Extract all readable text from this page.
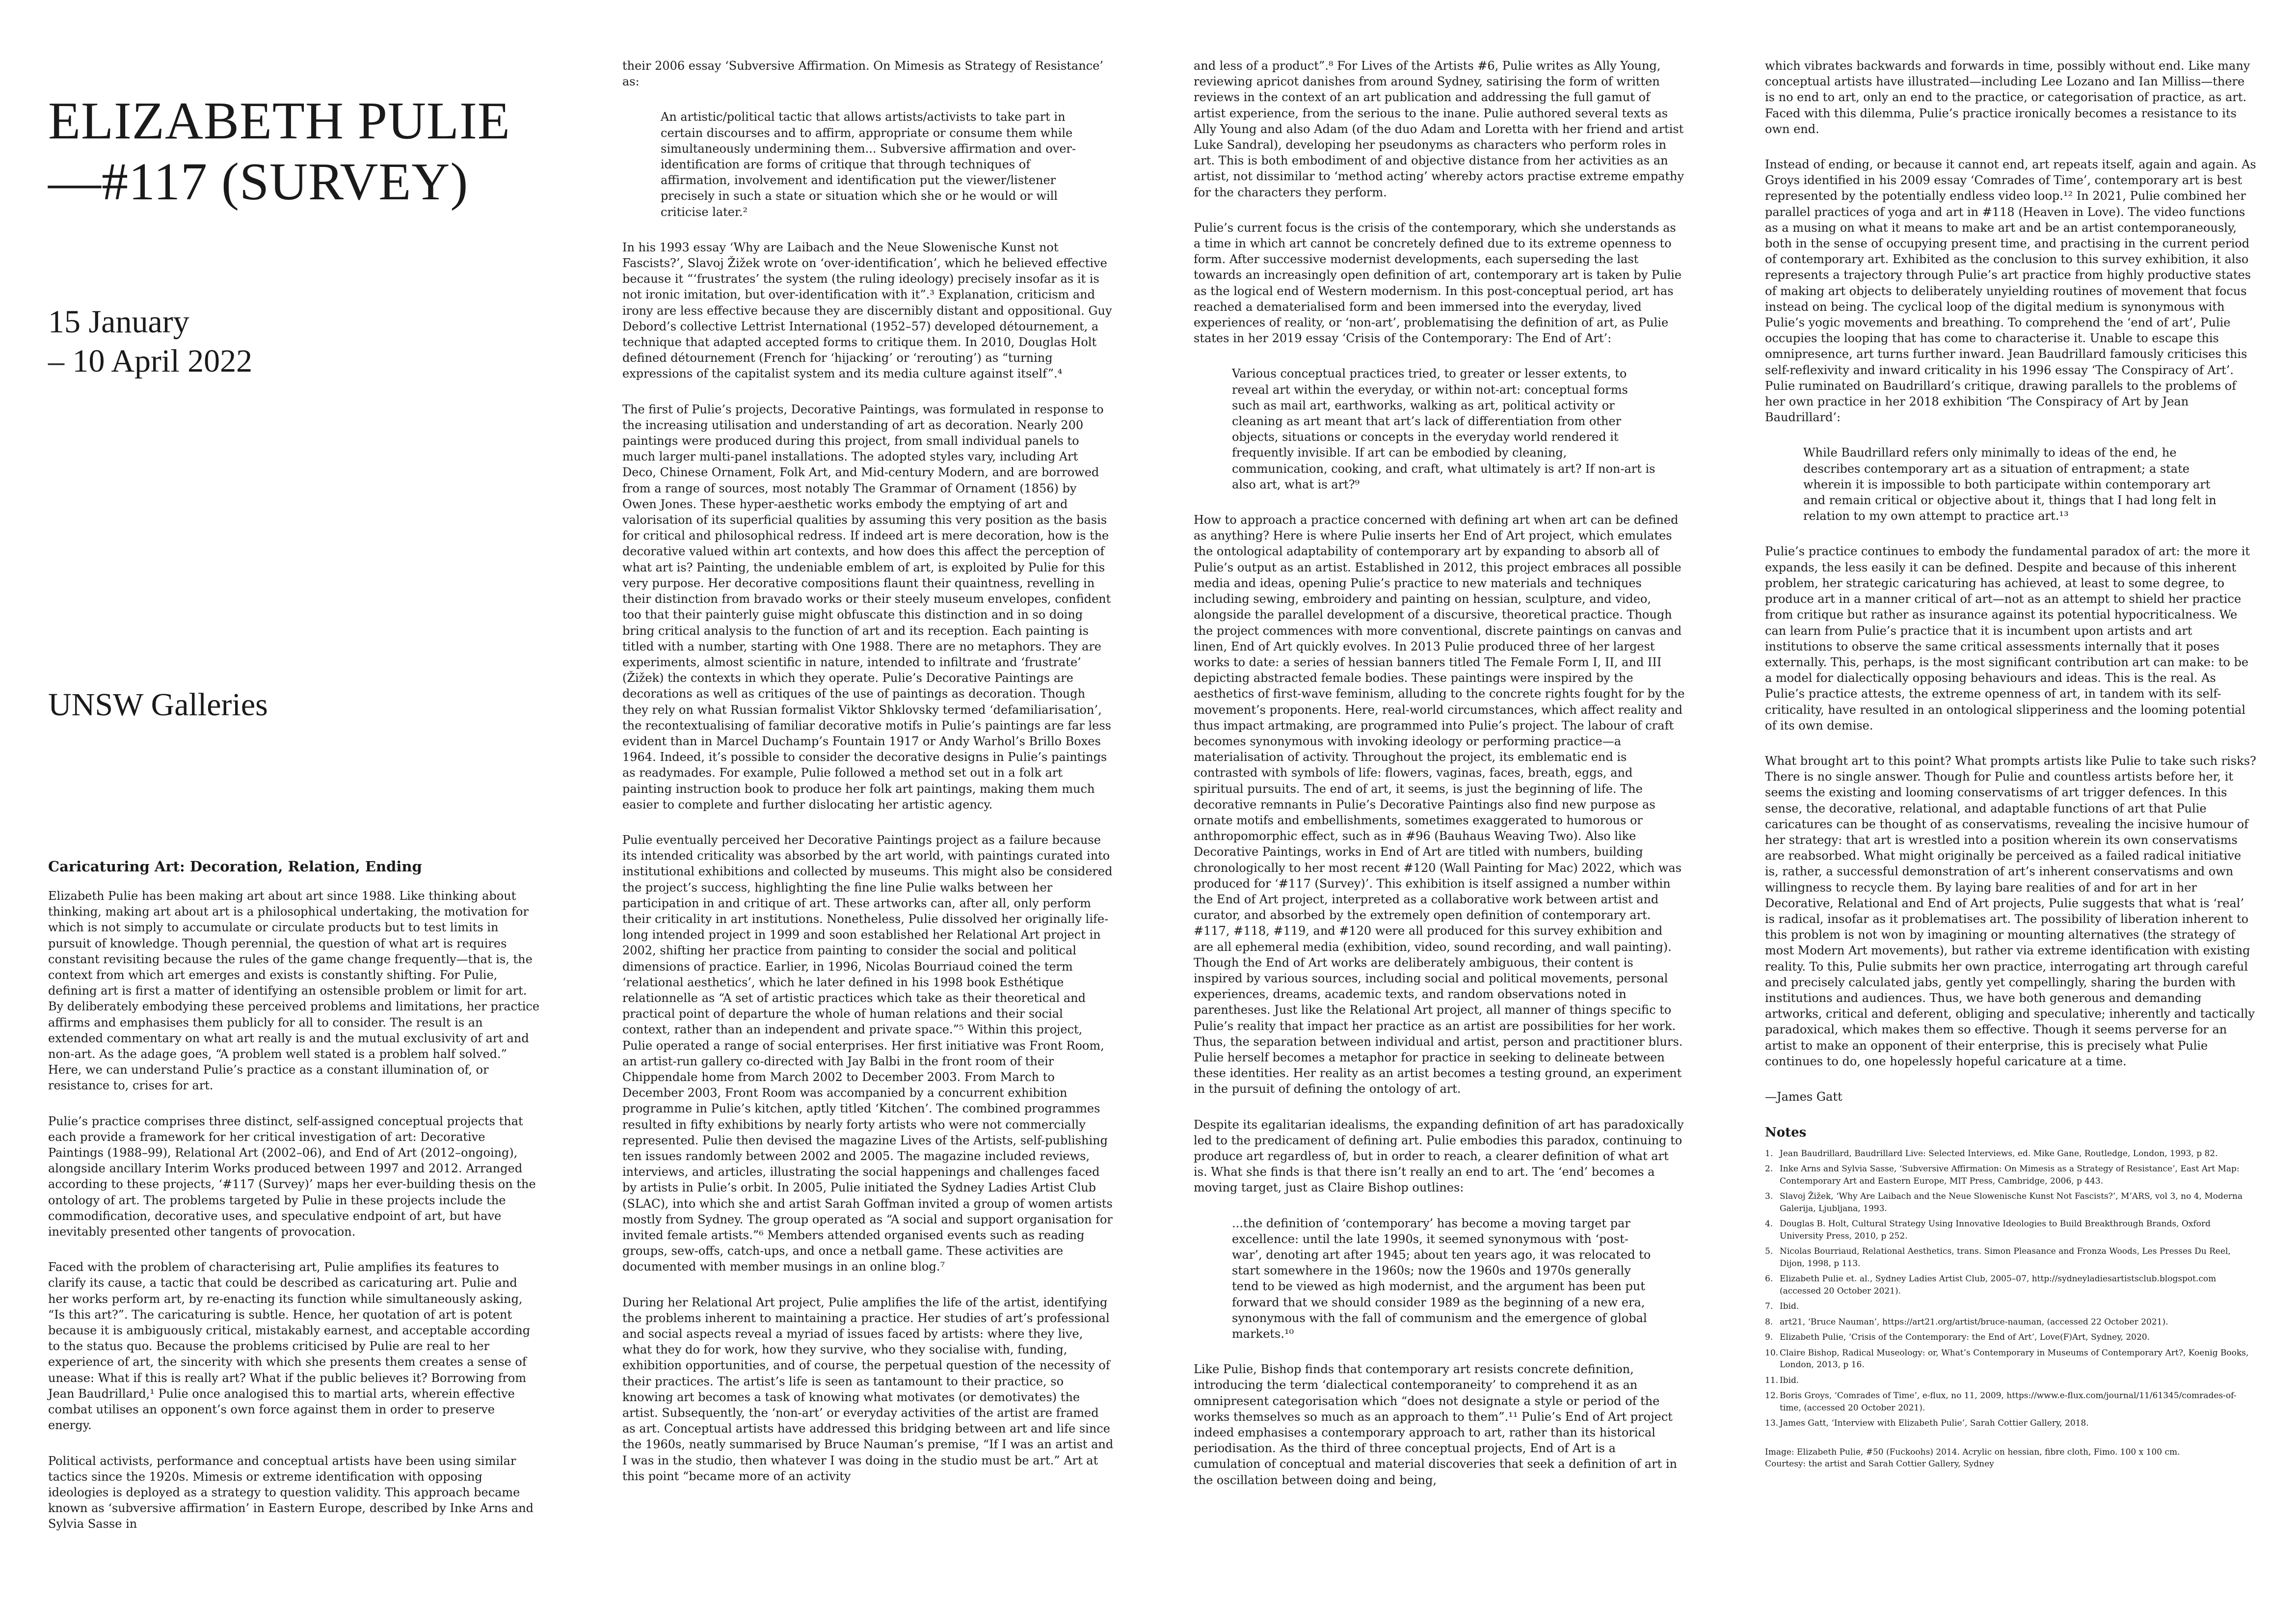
ELIZABETH PULIE
—#117 (SURVEY)
15 January
– 10 April 2022
UNSW Galleries
Caricaturing Art: Decoration, Relation, Ending

Elizabeth Pulie has been making art about art since 1988. Like thinking about thinking, making art about art is a philosophical undertaking, the motivation for which is not simply to accumulate or circulate products but to test limits in pursuit of knowledge. Though perennial, the question of what art is requires constant revisiting because the rules of the game change frequently—that is, the context from which art emerges and exists is constantly shifting. For Pulie, defining art is first a matter of identifying an ostensible problem or limit for art. By deliberately embodying these perceived problems and limitations, her practice affirms and emphasises them publicly for all to consider. The result is an extended commentary on what art really is and the mutual exclusivity of art and non-art. As the adage goes, “A problem well stated is a problem half solved.” Here, we can understand Pulie’s practice as a constant illumination of, or resistance to, crises for art.

Pulie’s practice comprises three distinct, self-assigned conceptual projects that each provide a framework for her critical investigation of art: Decorative Paintings (1988–99), Relational Art (2002–06), and End of Art (2012–ongoing), alongside ancillary Interim Works produced between 1997 and 2012. Arranged according to these projects, ‘#117 (Survey)’ maps her ever-building thesis on the ontology of art. The problems targeted by Pulie in these projects include the commodification, decorative uses, and speculative endpoint of art, but have inevitably presented other tangents of provocation.

Faced with the problem of characterising art, Pulie amplifies its features to clarify its cause, a tactic that could be described as caricaturing art. Pulie and her works perform art, by re-enacting its function while simultaneously asking, “Is this art?”. The caricaturing is subtle. Hence, her quotation of art is potent because it is ambiguously critical, mistakably earnest, and acceptable according to the status quo. Because the problems criticised by Pulie are real to her experience of art, the sincerity with which she presents them creates a sense of unease: What if this is really art? What if the public believes it? Borrowing from Jean Baudrillard,¹ Pulie once analogised this to martial arts, wherein effective combat utilises an opponent’s own force against them in order to preserve energy.

Political activists, performance and conceptual artists have been using similar tactics since the 1920s. Mimesis or extreme identification with opposing ideologies is deployed as a strategy to question validity. This approach became known as ‘subversive affirmation’ in Eastern Europe, described by Inke Arns and Sylvia Sasse in

their 2006 essay ‘Subversive Affirmation. On Mimesis as Strategy of Resistance’ as:

An artistic/political tactic that allows artists/activists to take part in certain discourses and to affirm, appropriate or consume them while simultaneously undermining them... Subversive affirmation and over-identification are forms of critique that through techniques of affirmation, involvement and identification put the viewer/listener precisely in such a state or situation which she or he would or will criticise later.²

In his 1993 essay ‘Why are Laibach and the Neue Slowenische Kunst not Fascists?’, Slavoj Žižek wrote on ‘over-identification’, which he believed effective because it “‘frustrates’ the system (the ruling ideology) precisely insofar as it is not ironic imitation, but over-identification with it”.³ Explanation, criticism and irony are less effective because they are discernibly distant and oppositional. Guy Debord’s collective Lettrist International (1952–57) developed détournement, a technique that adapted accepted forms to critique them. In 2010, Douglas Holt defined détournement (French for ‘hijacking’ or ‘rerouting’) as “turning expressions of the capitalist system and its media culture against itself”.⁴

The first of Pulie’s projects, Decorative Paintings, was formulated in response to the increasing utilisation and understanding of art as decoration. Nearly 200 paintings were produced during this project, from small individual panels to much larger multi-panel installations. The adopted styles vary, including Art Deco, Chinese Ornament, Folk Art, and Mid-century Modern, and are borrowed from a range of sources, most notably The Grammar of Ornament (1856) by Owen Jones. These hyper-aesthetic works embody the emptying of art and valorisation of its superficial qualities by assuming this very position as the basis for critical and philosophical redress. If indeed art is mere decoration, how is the decorative valued within art contexts, and how does this affect the perception of what art is? Painting, the undeniable emblem of art, is exploited by Pulie for this very purpose. Her decorative compositions flaunt their quaintness, revelling in their distinction from bravado works or their steely museum envelopes, confident too that their painterly guise might obfuscate this distinction and in so doing bring critical analysis to the function of art and its reception. Each painting is titled with a number, starting with One 1988. There are no metaphors. They are experiments, almost scientific in nature, intended to infiltrate and ‘frustrate’ (Žižek) the contexts in which they operate. Pulie’s Decorative Paintings are decorations as well as critiques of the use of paintings as decoration. Though they rely on what Russian formalist Viktor Shklovsky termed ‘defamiliarisation’, the recontextualising of familiar decorative motifs in Pulie’s paintings are far less evident than in Marcel Duchamp’s Fountain 1917 or Andy Warhol’s Brillo Boxes 1964. Indeed, it’s possible to consider the decorative designs in Pulie’s paintings as readymades. For example, Pulie followed a method set out in a folk art painting instruction book to produce her folk art paintings, making them much easier to complete and further dislocating her artistic agency.

Pulie eventually perceived her Decorative Paintings project as a failure because its intended criticality was absorbed by the art world, with paintings curated into institutional exhibitions and collected by museums. This might also be considered the project’s success, highlighting the fine line Pulie walks between her participation in and critique of art. These artworks can, after all, only perform their criticality in art institutions. Nonetheless, Pulie dissolved her originally life-long intended project in 1999 and soon established her Relational Art project in 2002, shifting her practice from painting to consider the social and political dimensions of practice. Earlier, in 1996, Nicolas Bourriaud coined the term ‘relational aesthetics’, which he later defined in his 1998 book Esthétique relationnelle as “A set of artistic practices which take as their theoretical and practical point of departure the whole of human relations and their social context, rather than an independent and private space.”⁵ Within this project, Pulie operated a range of social enterprises. Her first initiative was Front Room, an artist-run gallery co-directed with Jay Balbi in the front room of their Chippendale home from March 2002 to December 2003. From March to December 2003, Front Room was accompanied by a concurrent exhibition programme in Pulie’s kitchen, aptly titled ‘Kitchen’. The combined programmes resulted in fifty exhibitions by nearly forty artists who were not commercially represented. Pulie then devised the magazine Lives of the Artists, self-publishing ten issues randomly between 2002 and 2005. The magazine included reviews, interviews, and articles, illustrating the social happenings and challenges faced by artists in Pulie’s orbit. In 2005, Pulie initiated the Sydney Ladies Artist Club (SLAC), into which she and artist Sarah Goffman invited a group of women artists mostly from Sydney. The group operated as “A social and support organisation for invited female artists.”⁶ Members attended organised events such as reading groups, sew-offs, catch-ups, and once a netball game. These activities are documented with member musings in an online blog.⁷

During her Relational Art project, Pulie amplifies the life of the artist, identifying the problems inherent to maintaining a practice. Her studies of art’s professional and social aspects reveal a myriad of issues faced by artists: where they live, what they do for work, how they survive, who they socialise with, funding, exhibition opportunities, and of course, the perpetual question of the necessity of their practices. The artist’s life is seen as tantamount to their practice, so knowing art becomes a task of knowing what motivates (or demotivates) the artist. Subsequently, the ‘non-art’ or everyday activities of the artist are framed as art. Conceptual artists have addressed this bridging between art and life since the 1960s, neatly summarised by Bruce Nauman’s premise, “If I was an artist and I was in the studio, then whatever I was doing in the studio must be art.” Art at this point “became more of an activity

and less of a product”.⁸ For Lives of the Artists #6, Pulie writes as Ally Young, reviewing apricot danishes from around Sydney, satirising the form of written reviews in the context of an art publication and addressing the full gamut of artist experience, from the serious to the inane. Pulie authored several texts as Ally Young and also Adam (of the duo Adam and Loretta with her friend and artist Luke Sandral), developing her pseudonyms as characters who perform roles in art. This is both embodiment of and objective distance from her activities as an artist, not dissimilar to ‘method acting’ whereby actors practise extreme empathy for the characters they perform.

Pulie’s current focus is the crisis of the contemporary, which she understands as a time in which art cannot be concretely defined due to its extreme openness to form. After successive modernist developments, each superseding the last towards an increasingly open definition of art, contemporary art is taken by Pulie as the logical end of Western modernism. In this post-conceptual period, art has reached a dematerialised form and been immersed into the everyday, lived experiences of reality, or ‘non-art’, problematising the definition of art, as Pulie states in her 2019 essay ‘Crisis of the Contemporary: The End of Art’:

Various conceptual practices tried, to greater or lesser extents, to reveal art within the everyday, or within not-art: conceptual forms such as mail art, earthworks, walking as art, political activity or cleaning as art meant that art’s lack of differentiation from other objects, situations or concepts in the everyday world rendered it frequently invisible. If art can be embodied by cleaning, communication, cooking, and craft, what ultimately is art? If non-art is also art, what is art?⁹

How to approach a practice concerned with defining art when art can be defined as anything? Here is where Pulie inserts her End of Art project, which emulates the ontological adaptability of contemporary art by expanding to absorb all of Pulie’s output as an artist. Established in 2012, this project embraces all possible media and ideas, opening Pulie’s practice to new materials and techniques including sewing, embroidery and painting on hessian, sculpture, and video, alongside the parallel development of a discursive, theoretical practice. Though the project commences with more conventional, discrete paintings on canvas and linen, End of Art quickly evolves. In 2013 Pulie produced three of her largest works to date: a series of hessian banners titled The Female Form I, II, and III depicting abstracted female bodies. These paintings were inspired by the aesthetics of first-wave feminism, alluding to the concrete rights fought for by the movement’s proponents. Here, real-world circumstances, which affect reality and thus impact artmaking, are programmed into Pulie’s project. The labour of craft becomes synonymous with invoking ideology or performing practice—a materialisation of activity. Throughout the project, its emblematic end is contrasted with symbols of life: flowers, vaginas, faces, breath, eggs, and spiritual pursuits. The end of art, it seems, is just the beginning of life. The decorative remnants in Pulie’s Decorative Paintings also find new purpose as ornate motifs and embellishments, sometimes exaggerated to humorous or anthropomorphic effect, such as in #96 (Bauhaus Weaving Two). Also like Decorative Paintings, works in End of Art are titled with numbers, building chronologically to her most recent #120 (Wall Painting for Mac) 2022, which was produced for ‘#117 (Survey)’. This exhibition is itself assigned a number within the End of Art project, interpreted as a collaborative work between artist and curator, and absorbed by the extremely open definition of contemporary art. #117, #118, #119, and #120 were all produced for this survey exhibition and are all ephemeral media (exhibition, video, sound recording, and wall painting). Though the End of Art works are deliberately ambiguous, their content is inspired by various sources, including social and political movements, personal experiences, dreams, academic texts, and random observations noted in parentheses. Just like the Relational Art project, all manner of things specific to Pulie’s reality that impact her practice as an artist are possibilities for her work. Thus, the separation between individual and artist, person and practitioner blurs. Pulie herself becomes a metaphor for practice in seeking to delineate between these identities. Her reality as an artist becomes a testing ground, an experiment in the pursuit of defining the ontology of art.

Despite its egalitarian idealisms, the expanding definition of art has paradoxically led to the predicament of defining art. Pulie embodies this paradox, continuing to produce art regardless of, but in order to reach, a clearer definition of what art is. What she finds is that there isn’t really an end to art. The ‘end’ becomes a moving target, just as Claire Bishop outlines:

...the definition of ‘contemporary’ has become a moving target par excellence: until the late 1990s, it seemed synonymous with ‘post-war’, denoting art after 1945; about ten years ago, it was relocated to start somewhere in the 1960s; now the 1960s and 1970s generally tend to be viewed as high modernist, and the argument has been put forward that we should consider 1989 as the beginning of a new era, synonymous with the fall of communism and the emergence of global markets.¹⁰

Like Pulie, Bishop finds that contemporary art resists concrete definition, introducing the term ‘dialectical contemporaneity’ to comprehend it as an omnipresent categorisation which “does not designate a style or period of the works themselves so much as an approach to them”.¹¹ Pulie’s End of Art project indeed emphasises a contemporary approach to art, rather than its historical periodisation. As the third of three conceptual projects, End of Art is a cumulation of conceptual and material discoveries that seek a definition of art in the oscillation between doing and being,

which vibrates backwards and forwards in time, possibly without end. Like many conceptual artists have illustrated—including Lee Lozano and Ian Milliss—there is no end to art, only an end to the practice, or categorisation of practice, as art. Faced with this dilemma, Pulie’s practice ironically becomes a resistance to its own end.

Instead of ending, or because it cannot end, art repeats itself, again and again. As Groys identified in his 2009 essay ‘Comrades of Time’, contemporary art is best represented by the potentially endless video loop.¹² In 2021, Pulie combined her parallel practices of yoga and art in #118 (Heaven in Love). The video functions as a musing on what it means to make art and be an artist contemporaneously, both in the sense of occupying present time, and practising in the current period of contemporary art. Exhibited as the conclusion to this survey exhibition, it also represents a trajectory through Pulie’s art practice from highly productive states of making art objects to deliberately unyielding routines of movement that focus instead on being. The cyclical loop of the digital medium is synonymous with Pulie’s yogic movements and breathing. To comprehend the ‘end of art’, Pulie occupies the looping that has come to characterise it. Unable to escape this omnipresence, art turns further inward. Jean Baudrillard famously criticises this self-reflexivity and inward criticality in his 1996 essay ‘The Conspiracy of Art’. Pulie ruminated on Baudrillard’s critique, drawing parallels to the problems of her own practice in her 2018 exhibition ‘The Conspiracy of Art by Jean Baudrillard’:

While Baudrillard refers only minimally to ideas of the end, he describes contemporary art as a situation of entrapment; a state wherein it is impossible to both participate within contemporary art and remain critical or objective about it, things that I had long felt in relation to my own attempt to practice art.¹³

Pulie’s practice continues to embody the fundamental paradox of art: the more it expands, the less easily it can be defined. Despite and because of this inherent problem, her strategic caricaturing has achieved, at least to some degree, to produce art in a manner critical of art—not as an attempt to shield her practice from critique but rather as insurance against its potential hypocriticalness. We can learn from Pulie’s practice that it is incumbent upon artists and art institutions to observe the same critical assessments internally that it poses externally. This, perhaps, is the most significant contribution art can make: to be a model for dialectically opposing behaviours and ideas. This is the real. As Pulie’s practice attests, the extreme openness of art, in tandem with its self-criticality, have resulted in an ontological slipperiness and the looming potential of its own demise.

What brought art to this point? What prompts artists like Pulie to take such risks? There is no single answer. Though for Pulie and countless artists before her, it seems the existing and looming conservatisms of art trigger defences. In this sense, the decorative, relational, and adaptable functions of art that Pulie caricatures can be thought of as conservatisms, revealing the incisive humour of her strategy: that art is wrestled into a position wherein its own conservatisms are reabsorbed. What might originally be perceived as a failed radical initiative is, rather, a successful demonstration of art’s inherent conservatisms and own willingness to recycle them. By laying bare realities of and for art in her Decorative, Relational and End of Art projects, Pulie suggests that what is ‘real’ is radical, insofar as it problematises art. The possibility of liberation inherent to this problem is not won by imagining or mounting alternatives (the strategy of most Modern Art movements), but rather via extreme identification with existing reality. To this, Pulie submits her own practice, interrogating art through careful and precisely calculated jabs, gently yet compellingly, sharing the burden with institutions and audiences. Thus, we have both generous and demanding artworks, critical and deferent, obliging and speculative; inherently and tactically paradoxical, which makes them so effective. Though it seems perverse for an artist to make an opponent of their enterprise, this is precisely what Pulie continues to do, one hopelessly hopeful caricature at a time.

—James Gatt

Notes
1. Jean Baudrillard, Baudrillard Live: Selected Interviews, ed. Mike Gane, Routledge, London, 1993, p 82.
2. Inke Arns and Sylvia Sasse, ‘Subversive Affirmation: On Mimesis as a Strategy of Resistance’, East Art Map: Contemporary Art and Eastern Europe, MIT Press, Cambridge, 2006, p 443.
3. Slavoj Žižek, ‘Why Are Laibach and the Neue Slowenische Kunst Not Fascists?’, M’ARS, vol 3, no 4, Moderna Galerija, Ljubljana, 1993.
4. Douglas B. Holt, Cultural Strategy Using Innovative Ideologies to Build Breakthrough Brands, Oxford University Press, 2010, p 252.
5. Nicolas Bourriaud, Relational Aesthetics, trans. Simon Pleasance and Fronza Woods, Les Presses Du Reel, Dijon, 1998, p 113.
6. Elizabeth Pulie et. al., Sydney Ladies Artist Club, 2005–07, http://sydneyladiesartistsclub.blogspot.com (accessed 20 October 2021).
7. Ibid.
8. art21, ‘Bruce Nauman’, https://art21.org/artist/bruce-nauman, (accessed 22 October 2021).
9. Elizabeth Pulie, ‘Crisis of the Contemporary: the End of Art’, Love(F)Art, Sydney, 2020.
10. Claire Bishop, Radical Museology: or, What’s Contemporary in Museums of Contemporary Art?, Koenig Books, London, 2013, p 16.
11. Ibid.
12. Boris Groys, ‘Comrades of Time’, e-flux, no 11, 2009, https://www.e-flux.com/journal/11/61345/comrades-of-time, (accessed 20 October 2021).
13. James Gatt, ‘Interview with Elizabeth Pulie’, Sarah Cottier Gallery, 2018.

Image: Elizabeth Pulie, #50 (Fuckoohs) 2014. Acrylic on hessian, fibre cloth, Fimo. 100 x 100 cm.
Courtesy: the artist and Sarah Cottier Gallery, Sydney
